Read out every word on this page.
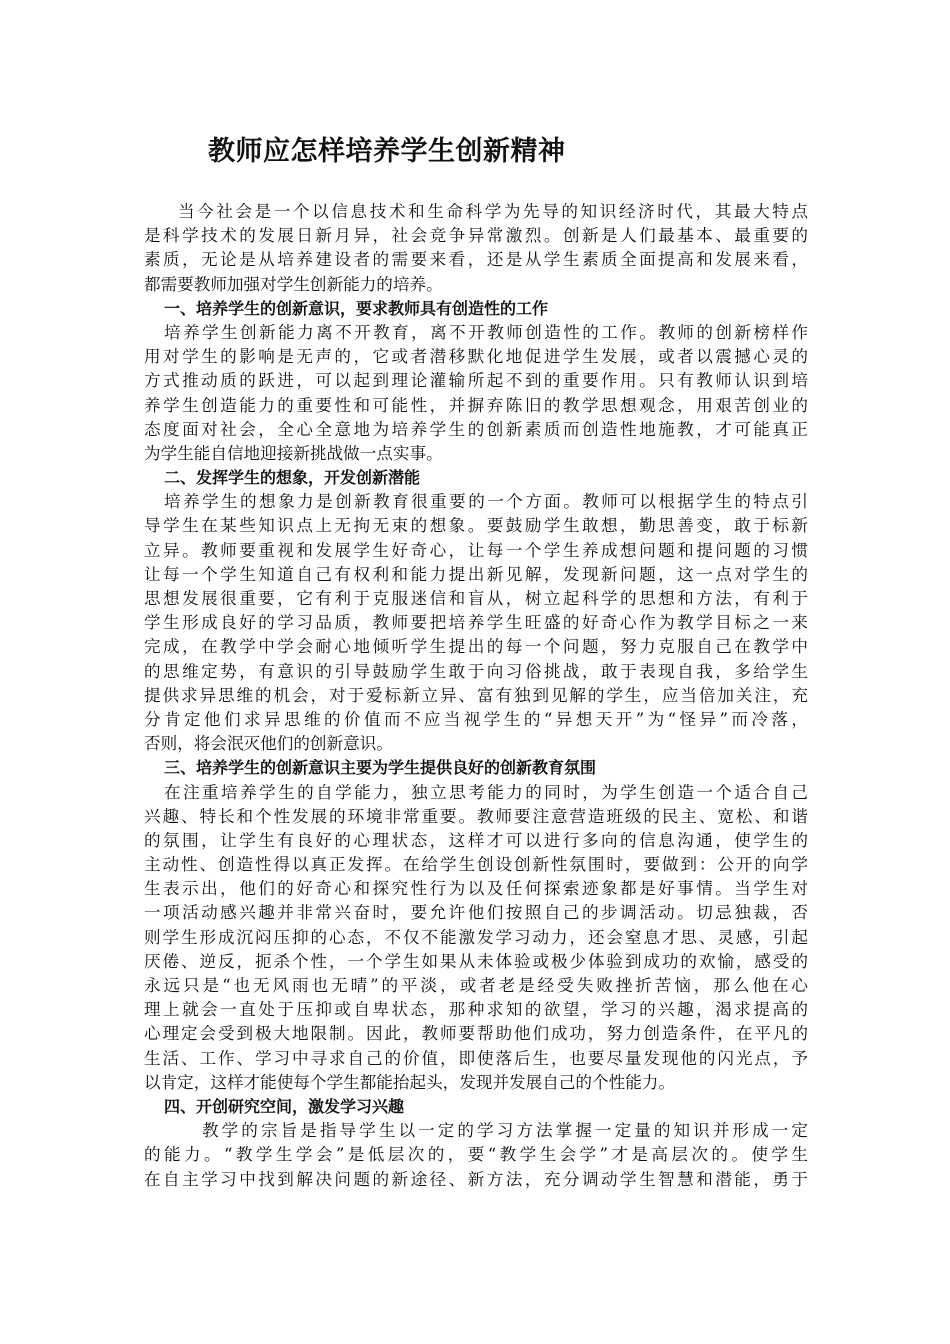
教师应怎样培养学生创新精神
当今社会是一个以信息技术和生命科学为先导的知识经济时代，其最大特点
是科学技术的发展日新月异，社会竞争异常激烈。创新是人们最基本、最重要的
素质，无论是从培养建设者的需要来看，还是从学生素质全面提高和发展来看，
都需要教师加强对学生创新能力的培养。
一、培养学生的创新意识，要求教师具有创造性的工作
培养学生创新能力离不开教育，离不开教师创造性的工作。教师的创新榜样作
用对学生的影响是无声的，它或者潜移默化地促进学生发展，或者以震撼心灵的
方式推动质的跃进，可以起到理论灌输所起不到的重要作用。只有教师认识到培
养学生创造能力的重要性和可能性，并摒弃陈旧的教学思想观念，用艰苦创业的
态度面对社会，全心全意地为培养学生的创新素质而创造性地施教，才可能真正
为学生能自信地迎接新挑战做一点实事。
二、发挥学生的想象，开发创新潜能
培养学生的想象力是创新教育很重要的一个方面。教师可以根据学生的特点引
导学生在某些知识点上无拘无束的想象。要鼓励学生敢想，勤思善变，敢于标新
立异。教师要重视和发展学生好奇心，让每一个学生养成想问题和提问题的习惯
让每一个学生知道自己有权利和能力提出新见解，发现新问题，这一点对学生的
思想发展很重要，它有利于克服迷信和盲从，树立起科学的思想和方法，有利于
学生形成良好的学习品质，教师要把培养学生旺盛的好奇心作为教学目标之一来
完成，在教学中学会耐心地倾听学生提出的每一个问题，努力克服自己在教学中
的思维定势，有意识的引导鼓励学生敢于向习俗挑战，敢于表现自我，多给学生
提供求异思维的机会，对于爱标新立异、富有独到见解的学生，应当倍加关注，充
分肯定他们求异思维的价值而不应当视学生的“异想天开”为“怪异”而冷落，
否则，将会泯灭他们的创新意识。
三、培养学生的创新意识主要为学生提供良好的创新教育氛围
在注重培养学生的自学能力，独立思考能力的同时，为学生创造一个适合自己
兴趣、特长和个性发展的环境非常重要。教师要注意营造班级的民主、宽松、和谐
的氛围，让学生有良好的心理状态，这样才可以进行多向的信息沟通，使学生的
主动性、创造性得以真正发挥。在给学生创设创新性氛围时，要做到：公开的向学
生表示出，他们的好奇心和探究性行为以及任何探索迹象都是好事情。当学生对
一项活动感兴趣并非常兴奋时，要允许他们按照自己的步调活动。切忌独裁，否
则学生形成沉闷压抑的心态，不仅不能激发学习动力，还会窒息才思、灵感，引起
厌倦、逆反，扼杀个性，一个学生如果从未体验或极少体验到成功的欢愉，感受的
永远只是“也无风雨也无晴”的平淡，或者老是经受失败挫折苦恼，那么他在心
理上就会一直处于压抑或自卑状态，那种求知的欲望，学习的兴趣，渴求提高的
心理定会受到极大地限制。因此，教师要帮助他们成功，努力创造条件，在平凡的
生活、工作、学习中寻求自己的价值，即使落后生，也要尽量发现他的闪光点，予
以肯定，这样才能使每个学生都能抬起头，发现并发展自己的个性能力。
四、开创研究空间，激发学习兴趣
教学的宗旨是指导学生以一定的学习方法掌握一定量的知识并形成一定
的能力。“教学生学会”是低层次的，要“教学生会学”才是高层次的。使学生
在自主学习中找到解决问题的新途径、新方法，充分调动学生智慧和潜能，勇于
